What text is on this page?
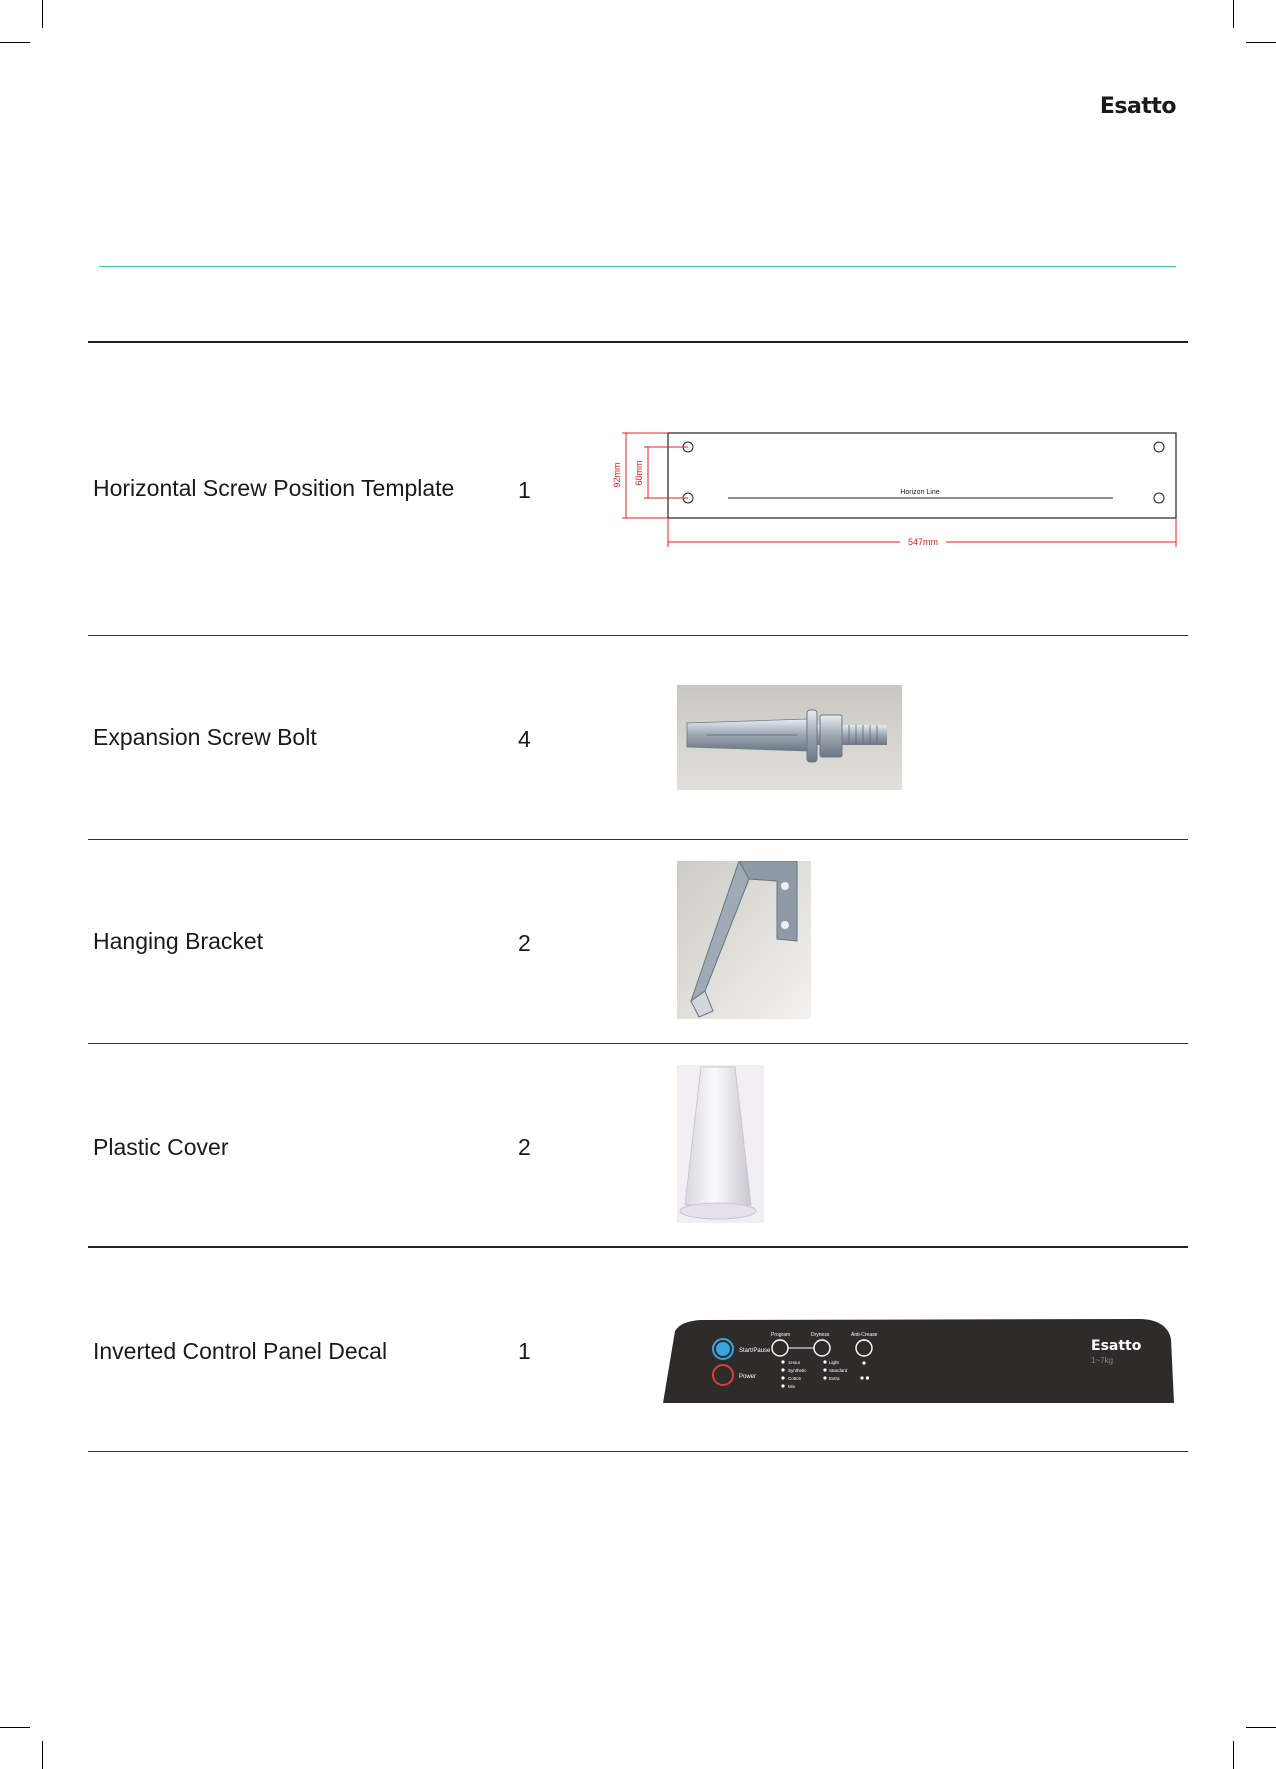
Esatto
Horizontal Screw Position Template	1	Horizon Line
92mm 60mm
547mm
Expansion Screw Bolt	4
Hanging Bracket	2
Plastic Cover	2
Inverted Control Panel Decal	1	Start/Pause
Power
Program	Dryness	Anti-Crease
1Hour
Synthetic
Cotton
Mix
Light
Standard
Extra
Esatto
1~7kg
